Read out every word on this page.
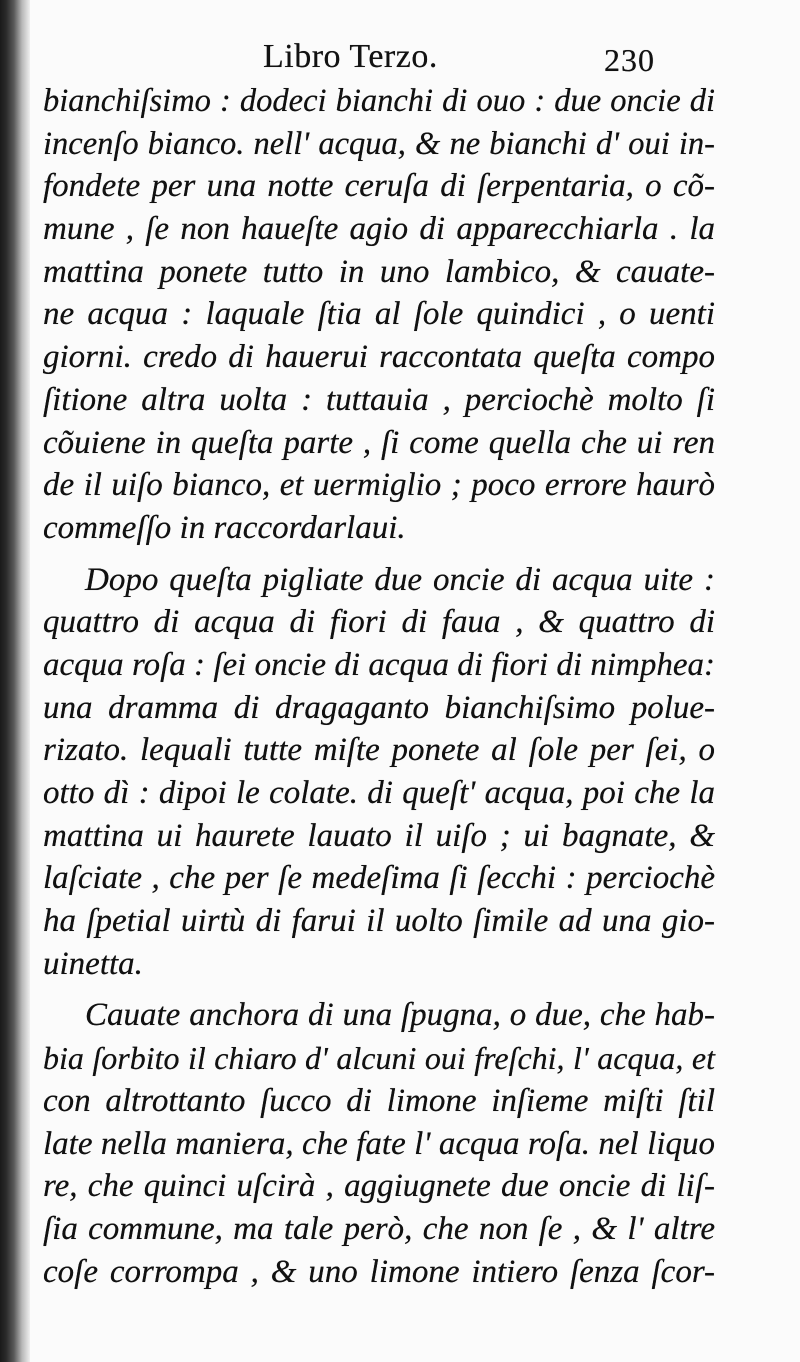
Libro Terzo.	230
bianchiſsimo : dodeci bianchi di ouo : due oncie di
incenſo bianco. nell' acqua, & ne bianchi d' oui in-
fondete per una notte ceruſa di ſerpentaria, o cõ-
mune , ſe non haueſte agio di apparecchiarla . la
mattina ponete tutto in uno lambico, & cauate-
ne acqua : laquale ſtia al ſole quindici , o uenti
giorni. credo di hauerui raccontata queſta compo
ſitione altra uolta : tuttauia , perciochè molto ſi
cõuiene in queſta parte , ſi come quella che ui ren
de il uiſo bianco, et uermiglio ; poco errore haurò
commeſſo in raccordarlaui.
Dopo queſta pigliate due oncie di acqua uite :
quattro di acqua di fiori di faua , & quattro di
acqua roſa : ſei oncie di acqua di fiori di nimphea:
una dramma di dragaganto bianchiſsimo polue-
rizato. lequali tutte miſte ponete al ſole per ſei, o
otto dì : dipoi le colate. di queſt' acqua, poi che la
mattina ui haurete lauato il uiſo ; ui bagnate, &
laſciate , che per ſe medeſima ſi ſecchi : perciochè
ha ſpetial uirtù di farui il uolto ſimile ad una gio-
uinetta.
Cauate anchora di una ſpugna, o due, che hab-
bia ſorbito il chiaro d' alcuni oui freſchi, l' acqua, et
con altrottanto ſucco di limone inſieme miſti ſtil
late nella maniera, che fate l' acqua roſa. nel liquo
re, che quinci uſcirà , aggiugnete due oncie di liſ-
ſia commune, ma tale però, che non ſe , & l' altre
coſe corrompa , & uno limone intiero ſenza ſcor-
